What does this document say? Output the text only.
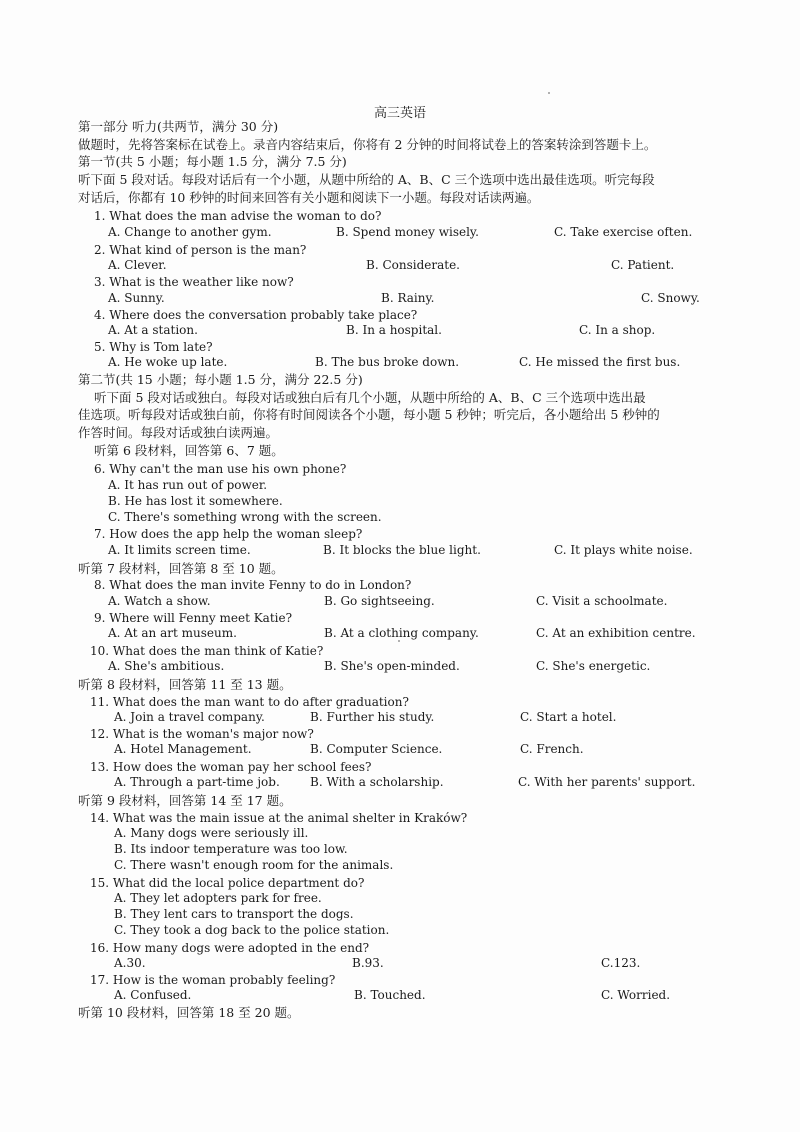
高三英语
第一部分 听力(共两节，满分 30 分)
做题时，先将答案标在试卷上。录音内容结束后，你将有 2 分钟的时间将试卷上的答案转涂到答题卡上。
第一节(共 5 小题；每小题 1.5 分，满分 7.5 分)
听下面 5 段对话。每段对话后有一个小题，从题中所给的 A、B、C 三个选项中选出最佳选项。听完每段
对话后，你都有 10 秒钟的时间来回答有关小题和阅读下一小题。每段对话读两遍。
1. What does the man advise the woman to do?
A. Change to another gym.	B. Spend money wisely.	C. Take exercise often.
2. What kind of person is the man?
A. Clever.	B. Considerate.	C. Patient.
3. What is the weather like now?
A. Sunny.	B. Rainy.	C. Snowy.
4. Where does the conversation probably take place?
A. At a station.	B. In a hospital.	C. In a shop.
5. Why is Tom late?
A. He woke up late.	B. The bus broke down.	C. He missed the first bus.
第二节(共 15 小题；每小题 1.5 分，满分 22.5 分)
听下面 5 段对话或独白。每段对话或独白后有几个小题，从题中所给的 A、B、C 三个选项中选出最
佳选项。听每段对话或独白前，你将有时间阅读各个小题，每小题 5 秒钟；听完后，各小题给出 5 秒钟的
作答时间。每段对话或独白读两遍。
听第 6 段材料，回答第 6、7 题。
6. Why can't the man use his own phone?
A. It has run out of power.
B. He has lost it somewhere.
C. There's something wrong with the screen.
7. How does the app help the woman sleep?
A. It limits screen time.	B. It blocks the blue light.	C. It plays white noise.
听第 7 段材料，回答第 8 至 10 题。
8. What does the man invite Fenny to do in London?
A. Watch a show.	B. Go sightseeing.	C. Visit a schoolmate.
9. Where will Fenny meet Katie?
A. At an art museum.	B. At a clothing company.	C. At an exhibition centre.
10. What does the man think of Katie?
A. She's ambitious.	B. She's open-minded.	C. She's energetic.
听第 8 段材料，回答第 11 至 13 题。
11. What does the man want to do after graduation?
A. Join a travel company.	B. Further his study.	C. Start a hotel.
12. What is the woman's major now?
A. Hotel Management.	B. Computer Science.	C. French.
13. How does the woman pay her school fees?
A. Through a part-time job.	B. With a scholarship.	C. With her parents' support.
听第 9 段材料，回答第 14 至 17 题。
14. What was the main issue at the animal shelter in Kraków?
A. Many dogs were seriously ill.
B. Its indoor temperature was too low.
C. There wasn't enough room for the animals.
15. What did the local police department do?
A. They let adopters park for free.
B. They lent cars to transport the dogs.
C. They took a dog back to the police station.
16. How many dogs were adopted in the end?
A.30.	B.93.	C.123.
17. How is the woman probably feeling?
A. Confused.	B. Touched.	C. Worried.
听第 10 段材料，回答第 18 至 20 题。
